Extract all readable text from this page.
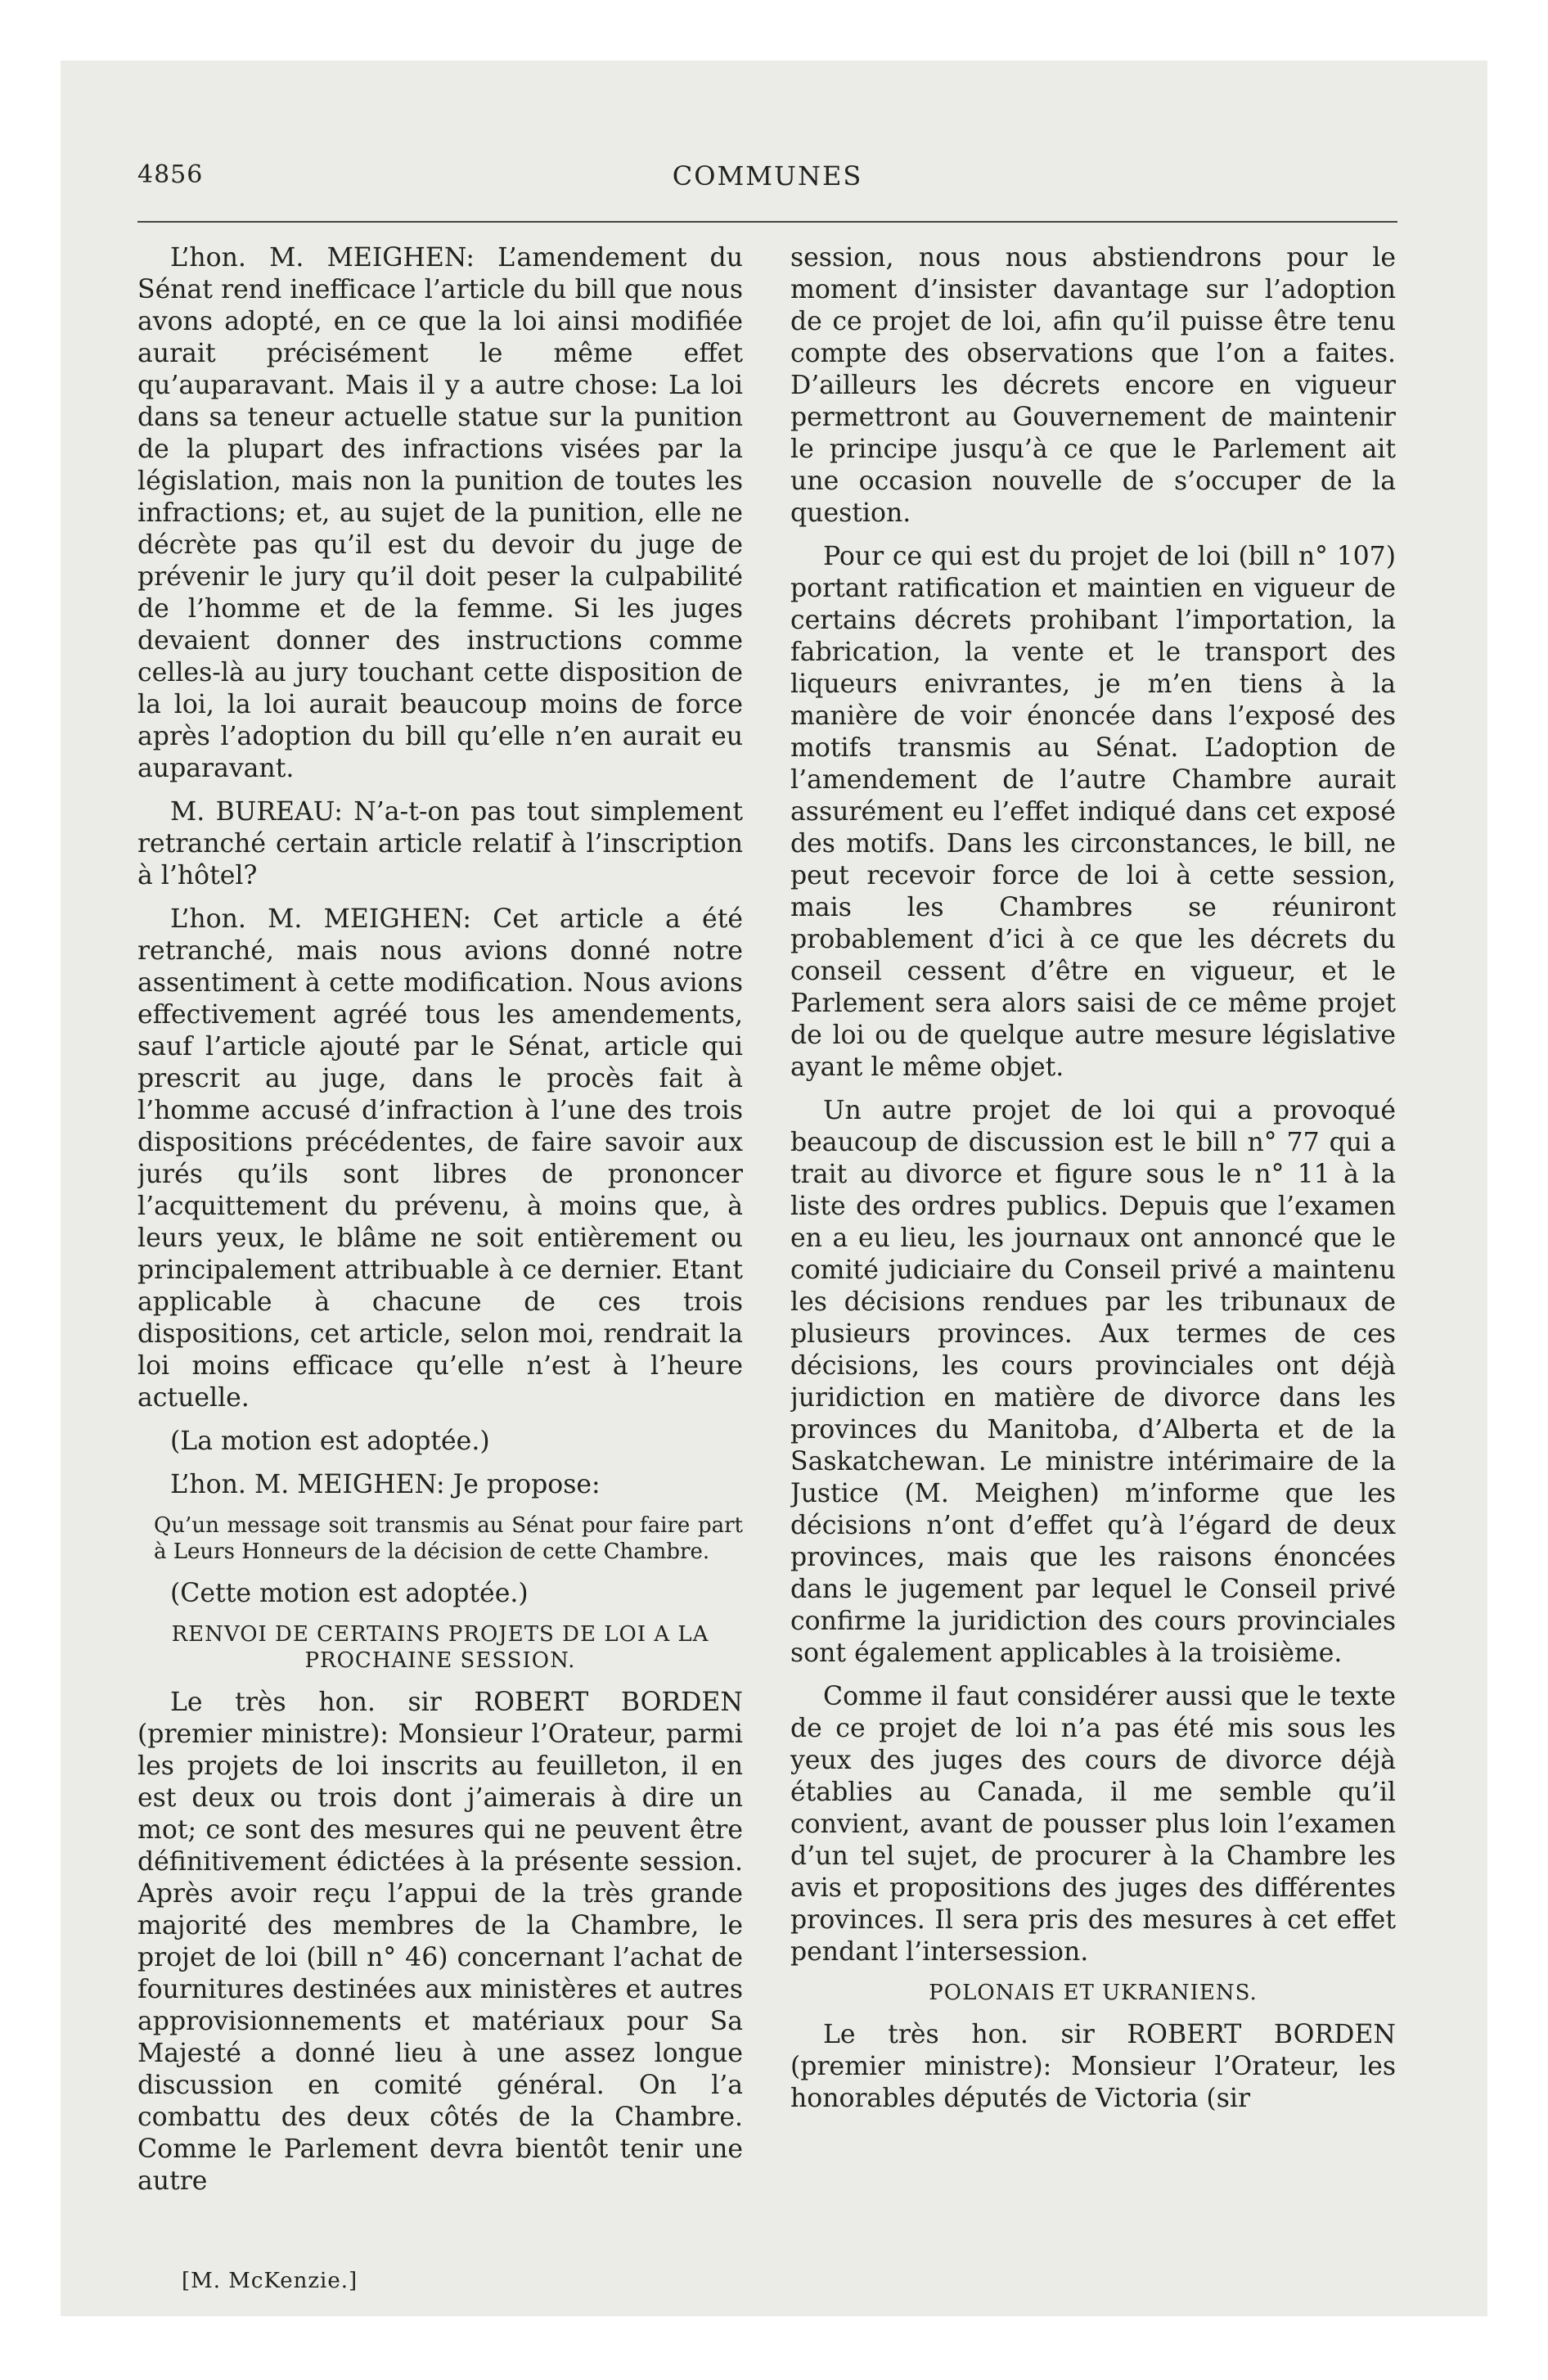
4856	COMMUNES

L’hon. M. MEIGHEN: L’amendement du Sénat rend inefficace l’article du bill que nous avons adopté, en ce que la loi ainsi modifiée aurait précisément le même effet qu’auparavant. Mais il y a autre chose: La loi dans sa teneur actuelle statue sur la punition de la plupart des infractions visées par la législation, mais non la punition de toutes les infractions; et, au sujet de la punition, elle ne décrète pas qu’il est du devoir du juge de prévenir le jury qu’il doit peser la culpabilité de l’homme et de la femme. Si les juges devaient donner des instructions comme celles-là au jury touchant cette disposition de la loi, la loi aurait beaucoup moins de force après l’adoption du bill qu’elle n’en aurait eu auparavant.

M. BUREAU: N’a-t-on pas tout simplement retranché certain article relatif à l’inscription à l’hôtel?

L’hon. M. MEIGHEN: Cet article a été retranché, mais nous avions donné notre assentiment à cette modification. Nous avions effectivement agréé tous les amendements, sauf l’article ajouté par le Sénat, article qui prescrit au juge, dans le procès fait à l’homme accusé d’infraction à l’une des trois dispositions précédentes, de faire savoir aux jurés qu’ils sont libres de prononcer l’acquittement du prévenu, à moins que, à leurs yeux, le blâme ne soit entièrement ou principalement attribuable à ce dernier. Etant applicable à chacune de ces trois dispositions, cet article, selon moi, rendrait la loi moins efficace qu’elle n’est à l’heure actuelle.

(La motion est adoptée.)

L’hon. M. MEIGHEN: Je propose:

Qu’un message soit transmis au Sénat pour faire part à Leurs Honneurs de la décision de cette Chambre.

(Cette motion est adoptée.)

RENVOI DE CERTAINS PROJETS DE LOI A LA PROCHAINE SESSION.

Le très hon. sir ROBERT BORDEN (premier ministre): Monsieur l’Orateur, parmi les projets de loi inscrits au feuilleton, il en est deux ou trois dont j’aimerais à dire un mot; ce sont des mesures qui ne peuvent être définitivement édictées à la présente session. Après avoir reçu l’appui de la très grande majorité des membres de la Chambre, le projet de loi (bill n° 46) concernant l’achat de fournitures destinées aux ministères et autres approvisionnements et matériaux pour Sa Majesté a donné lieu à une assez longue discussion en comité général. On l’a combattu des deux côtés de la Chambre. Comme le Parlement devra bientôt tenir une autre

session, nous nous abstiendrons pour le moment d’insister davantage sur l’adoption de ce projet de loi, afin qu’il puisse être tenu compte des observations que l’on a faites. D’ailleurs les décrets encore en vigueur permettront au Gouvernement de maintenir le principe jusqu’à ce que le Parlement ait une occasion nouvelle de s’occuper de la question.

Pour ce qui est du projet de loi (bill n° 107) portant ratification et maintien en vigueur de certains décrets prohibant l’importation, la fabrication, la vente et le transport des liqueurs enivrantes, je m’en tiens à la manière de voir énoncée dans l’exposé des motifs transmis au Sénat. L’adoption de l’amendement de l’autre Chambre aurait assurément eu l’effet indiqué dans cet exposé des motifs. Dans les circonstances, le bill, ne peut recevoir force de loi à cette session, mais les Chambres se réuniront probablement d’ici à ce que les décrets du conseil cessent d’être en vigueur, et le Parlement sera alors saisi de ce même projet de loi ou de quelque autre mesure législative ayant le même objet.

Un autre projet de loi qui a provoqué beaucoup de discussion est le bill n° 77 qui a trait au divorce et figure sous le n° 11 à la liste des ordres publics. Depuis que l’examen en a eu lieu, les journaux ont annoncé que le comité judiciaire du Conseil privé a maintenu les décisions rendues par les tribunaux de plusieurs provinces. Aux termes de ces décisions, les cours provinciales ont déjà juridiction en matière de divorce dans les provinces du Manitoba, d’Alberta et de la Saskatchewan. Le ministre intérimaire de la Justice (M. Meighen) m’informe que les décisions n’ont d’effet qu’à l’égard de deux provinces, mais que les raisons énoncées dans le jugement par lequel le Conseil privé confirme la juridiction des cours provinciales sont également applicables à la troisième.

Comme il faut considérer aussi que le texte de ce projet de loi n’a pas été mis sous les yeux des juges des cours de divorce déjà établies au Canada, il me semble qu’il convient, avant de pousser plus loin l’examen d’un tel sujet, de procurer à la Chambre les avis et propositions des juges des différentes provinces. Il sera pris des mesures à cet effet pendant l’intersession.

POLONAIS ET UKRANIENS.

Le très hon. sir ROBERT BORDEN (premier ministre): Monsieur l’Orateur, les honorables députés de Victoria (sir

[M. McKenzie.]
